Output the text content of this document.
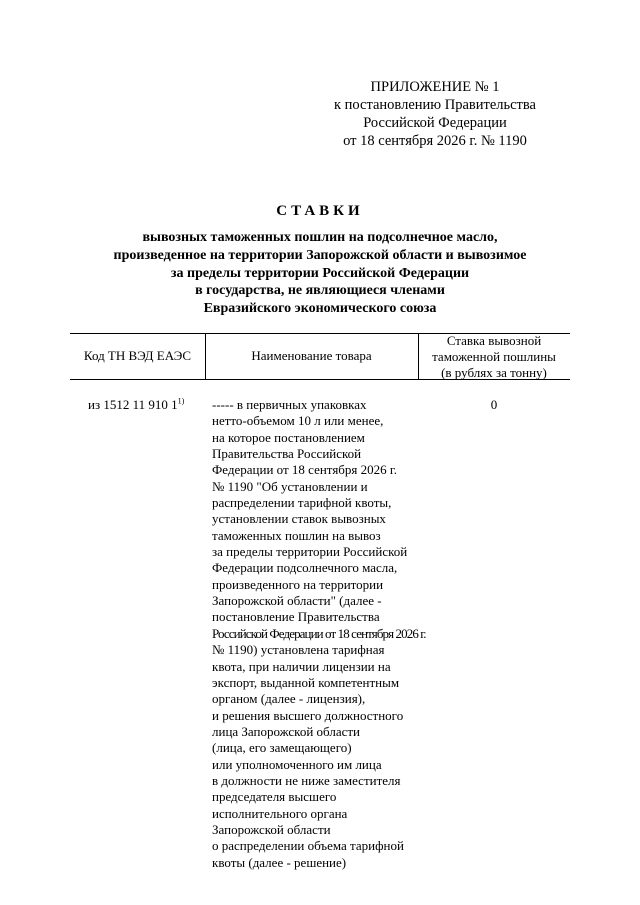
ПРИЛОЖЕНИЕ № 1
к постановлению Правительства
Российской Федерации
от 18 сентября 2026 г. № 1190
СТАВКИ
вывозных таможенных пошлин на подсолнечное масло,
произведенное на территории Запорожской области и вывозимое
за пределы территории Российской Федерации
в государства, не являющиеся членами
Евразийского экономического союза
Код ТН ВЭД ЕАЭС	Наименование товара
Ставка вывозной
таможенной пошлины
(в рублях за тонну)
из 1512 11 910 1$^{1)}$	0
----- в первичных упаковках
нетто-объемом 10 л или менее,
на которое постановлением
Правительства Российской
Федерации от 18 сентября 2026 г.
№ 1190 "Об установлении и
распределении тарифной квоты,
установлении ставок вывозных
таможенных пошлин на вывоз
за пределы территории Российской
Федерации подсолнечного масла,
произведенного на территории
Запорожской области" (далее -
постановление Правительства
Российской Федерации от 18 сентября 2026 г.
№ 1190) установлена тарифная
квота, при наличии лицензии на
экспорт, выданной компетентным
органом (далее - лицензия),
и решения высшего должностного
лица Запорожской области
(лица, его замещающего)
или уполномоченного им лица
в должности не ниже заместителя
председателя высшего
исполнительного органа
Запорожской области
о распределении объема тарифной
квоты (далее - решение)
